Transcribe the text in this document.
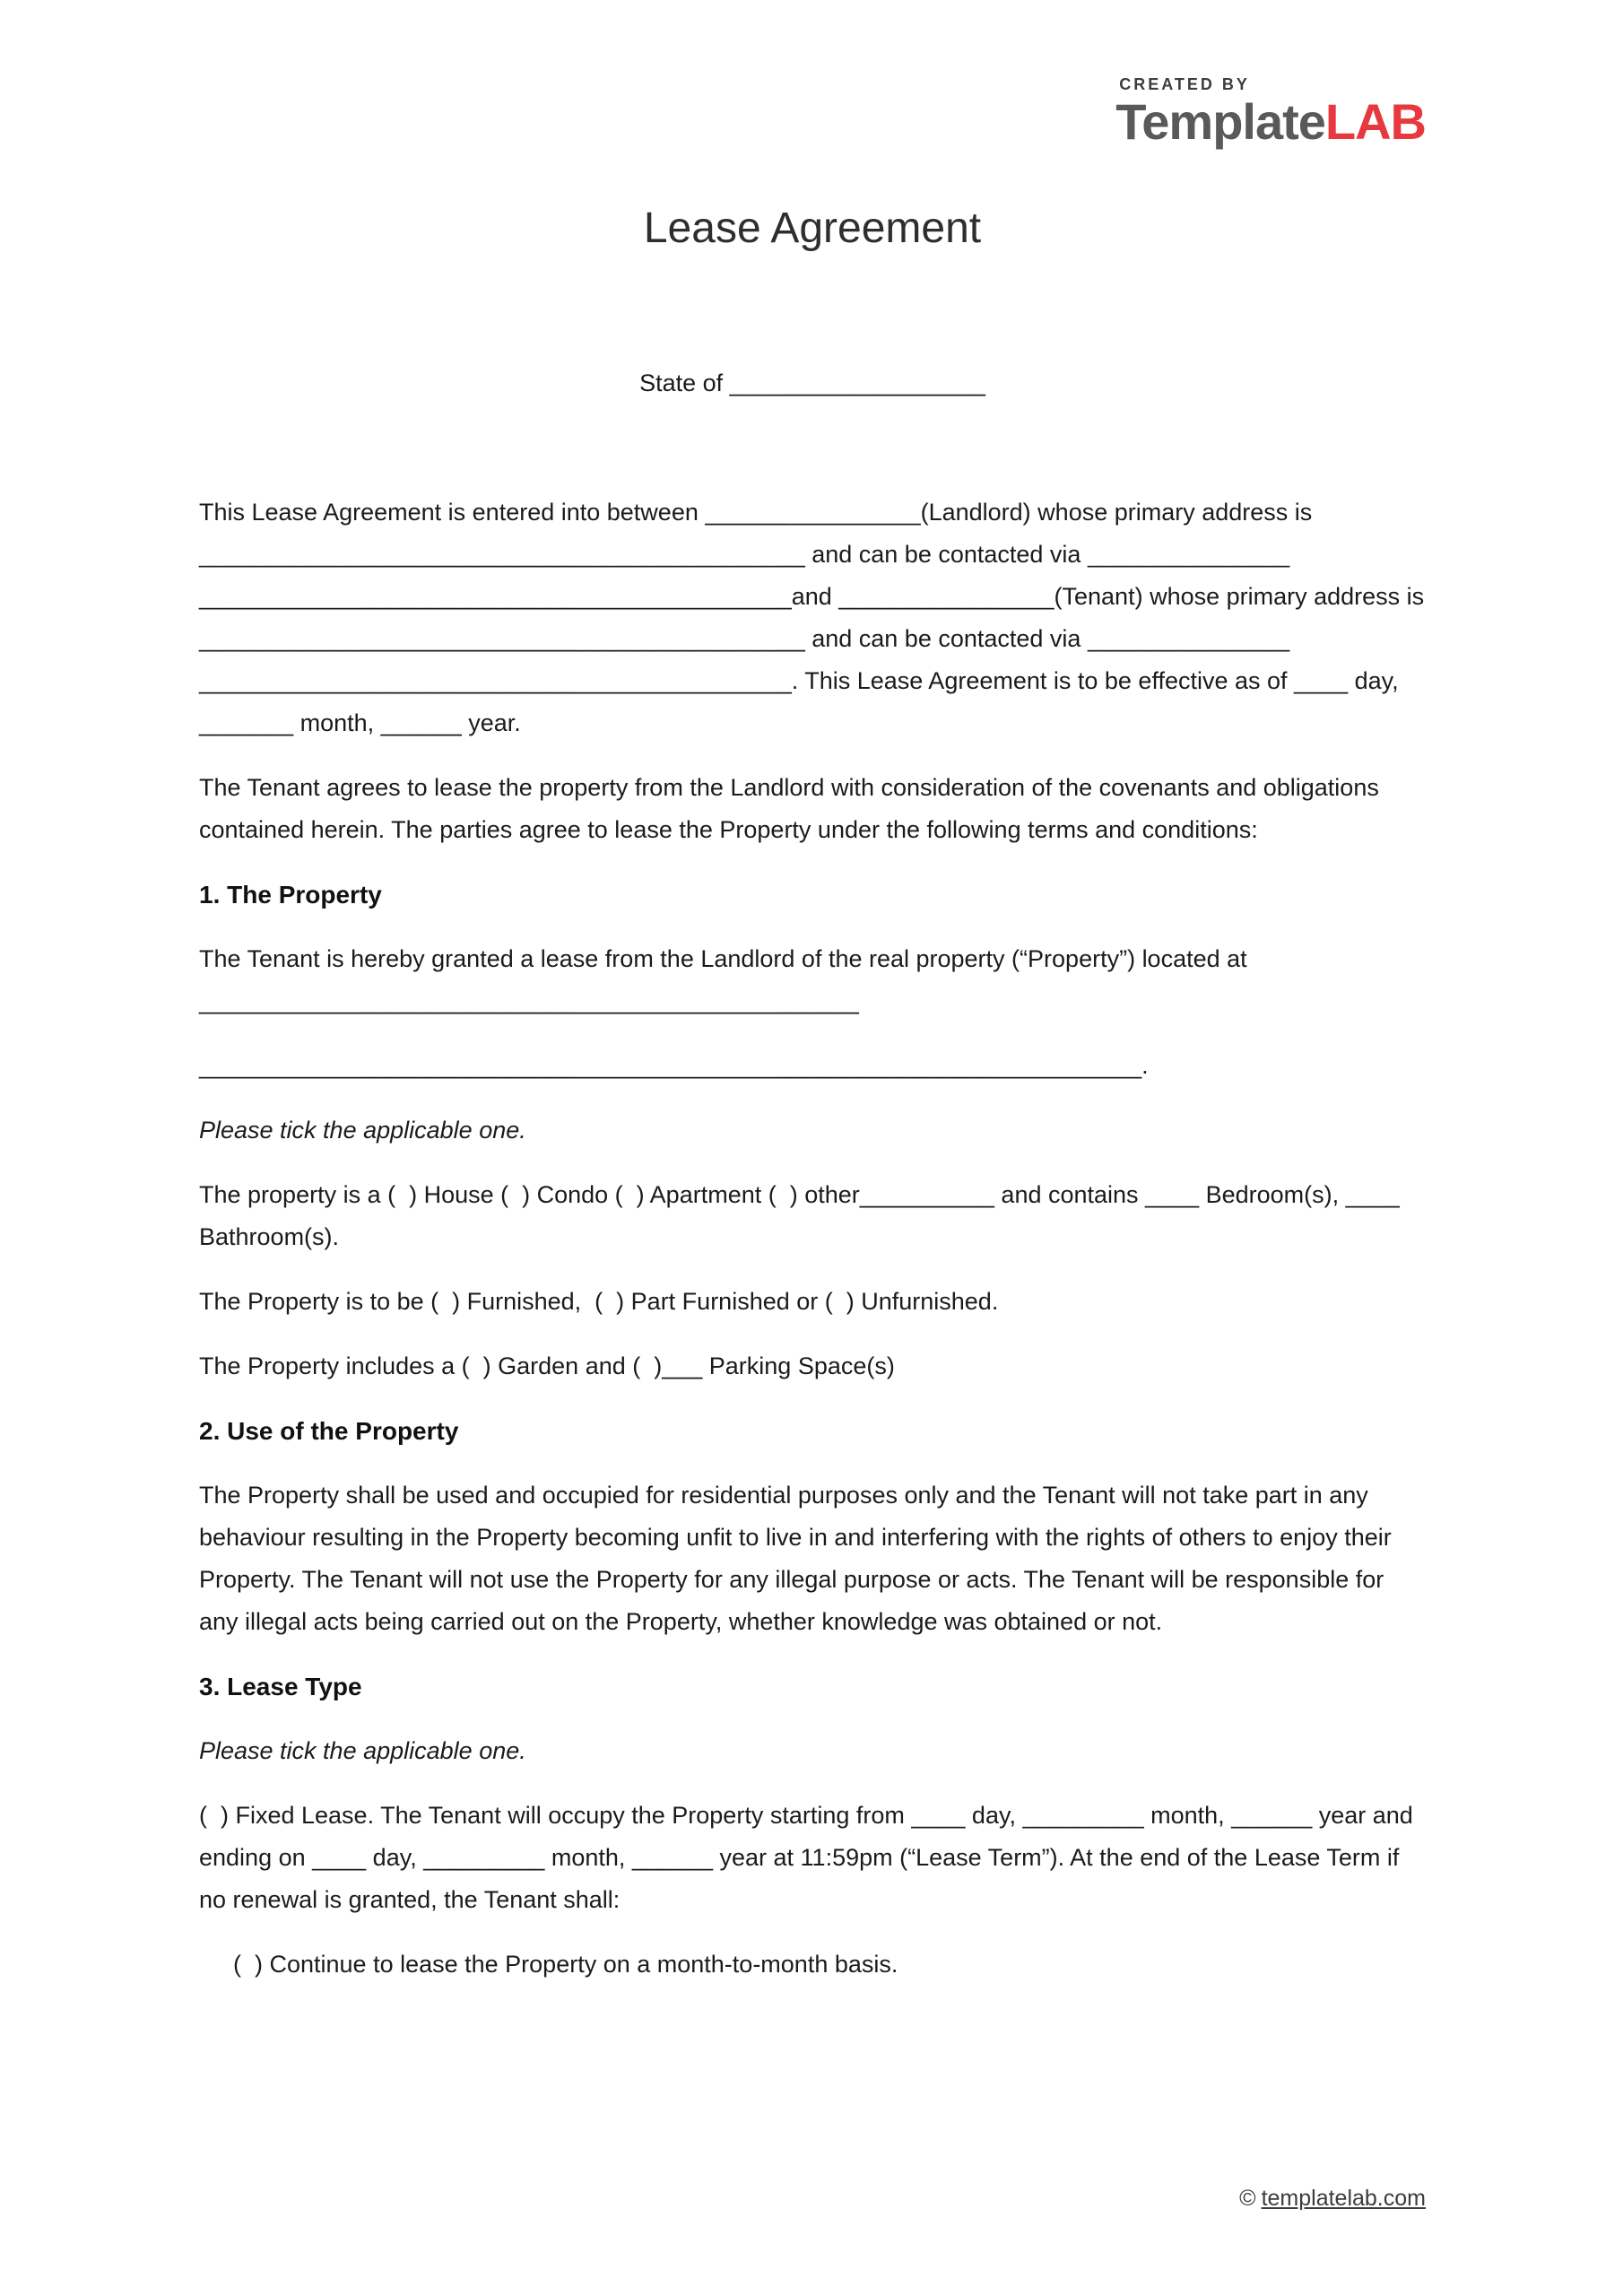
CREATED BY
TemplateLAB
Lease Agreement

State of ___________________

This Lease Agreement is entered into between ________________(Landlord) whose primary address is _____________________________________________ and can be contacted via _______________ ____________________________________________and ________________(Tenant) whose primary address is _____________________________________________ and can be contacted via _______________ ____________________________________________. This Lease Agreement is to be effective as of ____ day, _______ month, ______ year.

The Tenant agrees to lease the property from the Landlord with consideration of the covenants and obligations contained herein. The parties agree to lease the Property under the following terms and conditions:

1. The Property

The Tenant is hereby granted a lease from the Landlord of the real property (“Property”) located at _________________________________________________

______________________________________________________________________.

Please tick the applicable one.

The property is a (  ) House (  ) Condo (  ) Apartment (  ) other__________ and contains ____ Bedroom(s), ____ Bathroom(s).

The Property is to be (  ) Furnished,  (  ) Part Furnished or (  ) Unfurnished.

The Property includes a (  ) Garden and (  )___ Parking Space(s)

2. Use of the Property

The Property shall be used and occupied for residential purposes only and the Tenant will not take part in any behaviour resulting in the Property becoming unfit to live in and interfering with the rights of others to enjoy their Property. The Tenant will not use the Property for any illegal purpose or acts. The Tenant will be responsible for any illegal acts being carried out on the Property, whether knowledge was obtained or not.

3. Lease Type

Please tick the applicable one.

(  ) Fixed Lease. The Tenant will occupy the Property starting from ____ day, _________ month, ______ year and ending on ____ day, _________ month, ______ year at 11:59pm (“Lease Term”). At the end of the Lease Term if no renewal is granted, the Tenant shall:

(  ) Continue to lease the Property on a month-to-month basis.

© templatelab.com
